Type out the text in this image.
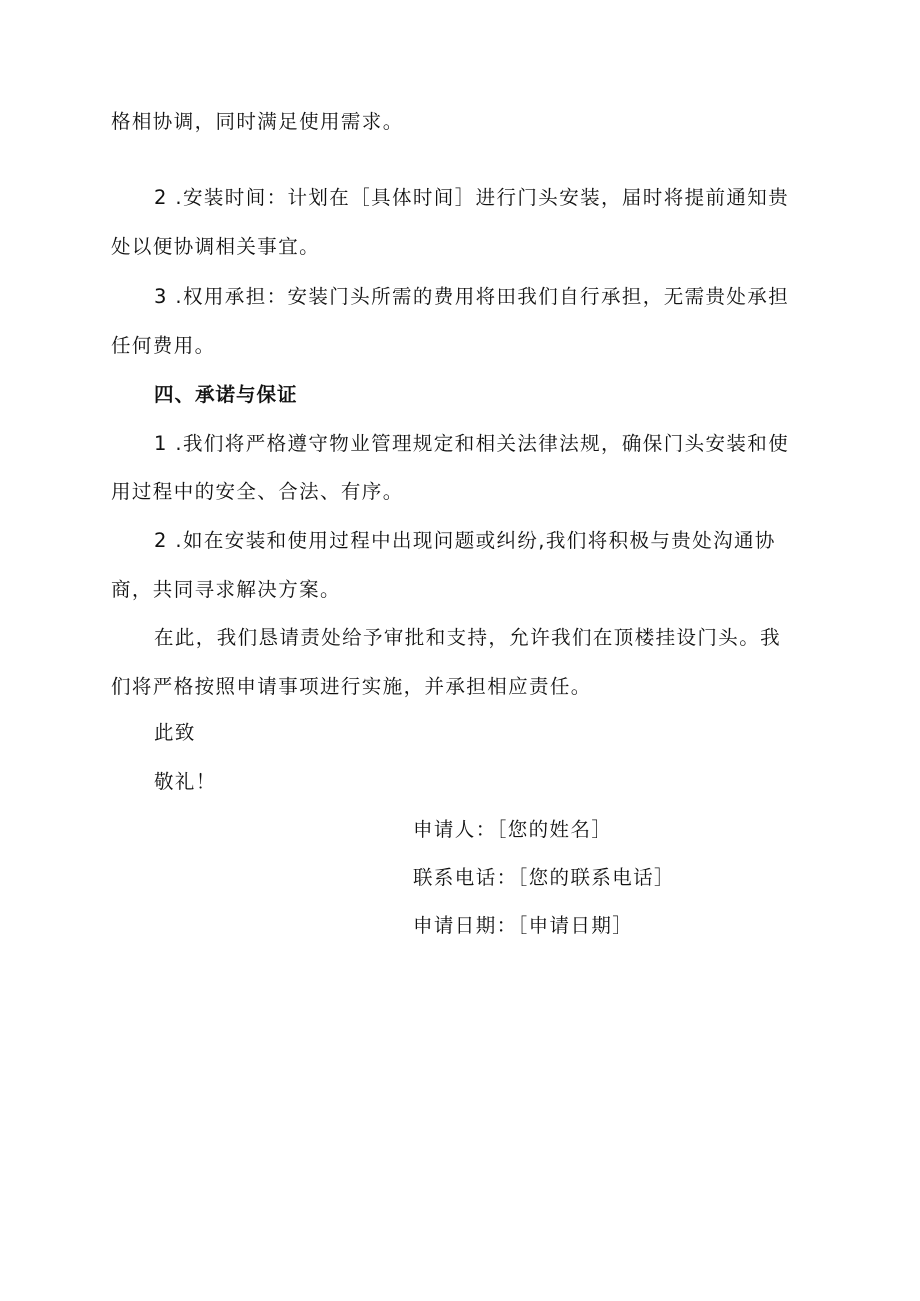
格相协调，同时满足使用需求。
2 .安装时间：计划在［具体时间］进行门头安装，届时将提前通知贵
处以便协调相关事宜。
3 .权用承担：安装门头所需的费用将田我们自行承担，无需贵处承担
任何费用。
四、承诺与保证
1 .我们将严格遵守物业管理规定和相关法律法规，确保门头安装和使
用过程中的安全、合法、有序。
2 .如在安装和使用过程中出现问题或纠纷,我们将积极与贵处沟通协
商，共同寻求解决方案。
在此，我们恳请责处给予审批和支持，允许我们在顶楼挂设门头。我
们将严格按照申请事项进行实施，并承担相应责任。
此致
敬礼！
申请人：［您的姓名］
联系电话：［您的联系电话］
申请日期：［申请日期］
